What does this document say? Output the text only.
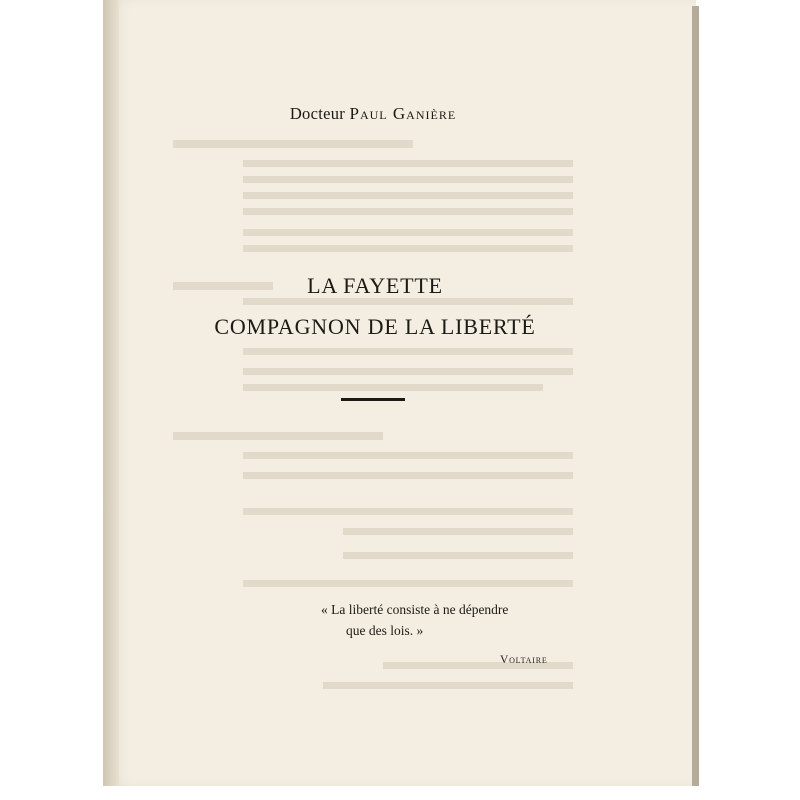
Docteur Paul Ganière
LA FAYETTE
COMPAGNON DE LA LIBERTÉ
« La liberté consiste à ne dépendre
que des lois. »
Voltaire
